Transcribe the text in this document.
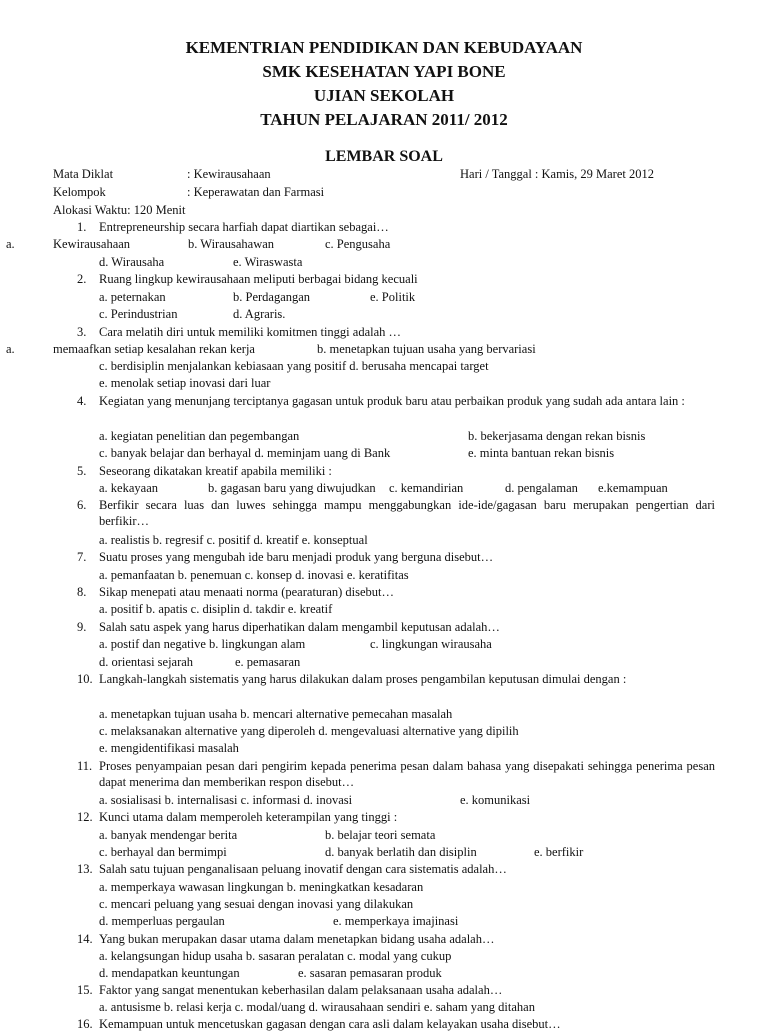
KEMENTRIAN PENDIDIKAN DAN KEBUDAYAAN
SMK KESEHATAN YAPI BONE
UJIAN SEKOLAH
TAHUN PELAJARAN 2011/ 2012
LEMBAR SOAL
Mata Diklat	: Kewirausahaan	Hari / Tanggal : Kamis, 29 Maret 2012
Kelompok	: Keperawatan dan Farmasi
Alokasi Waktu: 120 Menit
1. Entrepreneurship secara harfiah dapat diartikan sebagai…
a.	Kewirausahaan	b. Wirausahawan	c. Pengusaha
d. Wirausaha	e. Wiraswasta
2. Ruang lingkup kewirausahaan meliputi berbagai bidang kecuali
a. peternakan	b. Perdagangan	e. Politik
c. Perindustrian	d. Agraris.
3. Cara melatih diri untuk memiliki komitmen tinggi adalah …
a.	memaafkan setiap kesalahan rekan kerja	b. menetapkan tujuan usaha yang bervariasi
c. berdisiplin menjalankan kebiasaan yang positif d. berusaha mencapai target
e. menolak setiap inovasi dari luar
4. Kegiatan yang menunjang terciptanya gagasan untuk produk baru atau perbaikan produk yang sudah ada antara lain :
a. kegiatan penelitian dan pegembangan	b. bekerjasama dengan rekan bisnis
c. banyak belajar dan berhayal d. meminjam uang di Bank	e. minta bantuan rekan bisnis
5. Seseorang dikatakan kreatif apabila memiliki :
a. kekayaan	b. gagasan baru yang diwujudkan c. kemandirian	d. pengalaman e.kemampuan
6. Berfikir secara luas dan luwes sehingga mampu menggabungkan ide-ide/gagasan baru merupakan pengertian dari berfikir…
a. realistis b. regresif c. positif d. kreatif e. konseptual
7. Suatu proses yang mengubah ide baru menjadi produk yang berguna disebut…
a. pemanfaatan b. penemuan c. konsep d. inovasi e. keratifitas
8. Sikap menepati atau menaati norma (pearaturan) disebut…
a. positif b. apatis c. disiplin d. takdir e. kreatif
9. Salah satu aspek yang harus diperhatikan dalam mengambil keputusan adalah…
a. postif dan negative b. lingkungan alam	c. lingkungan wirausaha
d. orientasi sejarah	e. pemasaran
10. Langkah-langkah sistematis yang harus dilakukan dalam proses pengambilan keputusan dimulai dengan :
a. menetapkan tujuan usaha b. mencari alternative pemecahan masalah
c. melaksanakan alternative yang diperoleh d. mengevaluasi alternative yang dipilih
e. mengidentifikasi masalah
11. Proses penyampaian pesan dari pengirim kepada penerima pesan dalam bahasa yang disepakati sehingga penerima pesan dapat menerima dan memberikan respon disebut…
a. sosialisasi b. internalisasi c. informasi d. inovasi	e. komunikasi
12. Kunci utama dalam memperoleh keterampilan yang tinggi :
a. banyak mendengar berita	b. belajar teori semata
c. berhayal dan bermimpi	d. banyak berlatih dan disiplin	e. berfikir
13. Salah satu tujuan penganalisaan peluang inovatif dengan cara sistematis adalah…
a. memperkaya wawasan lingkungan b. meningkatkan kesadaran
c. mencari peluang yang sesuai dengan inovasi yang dilakukan
d. memperluas pergaulan	e. memperkaya imajinasi
14. Yang bukan merupakan dasar utama dalam menetapkan bidang usaha adalah…
a. kelangsungan hidup usaha b. sasaran peralatan c. modal yang cukup
d. mendapatkan keuntungan	e. sasaran pemasaran produk
15. Faktor yang sangat menentukan keberhasilan dalam pelaksanaan usaha adalah…
a. antusisme b. relasi kerja c. modal/uang d. wirausahaan sendiri e. saham yang ditahan
16. Kemampuan untuk mencetuskan gagasan dengan cara asli dalam kelayakan usaha disebut…
